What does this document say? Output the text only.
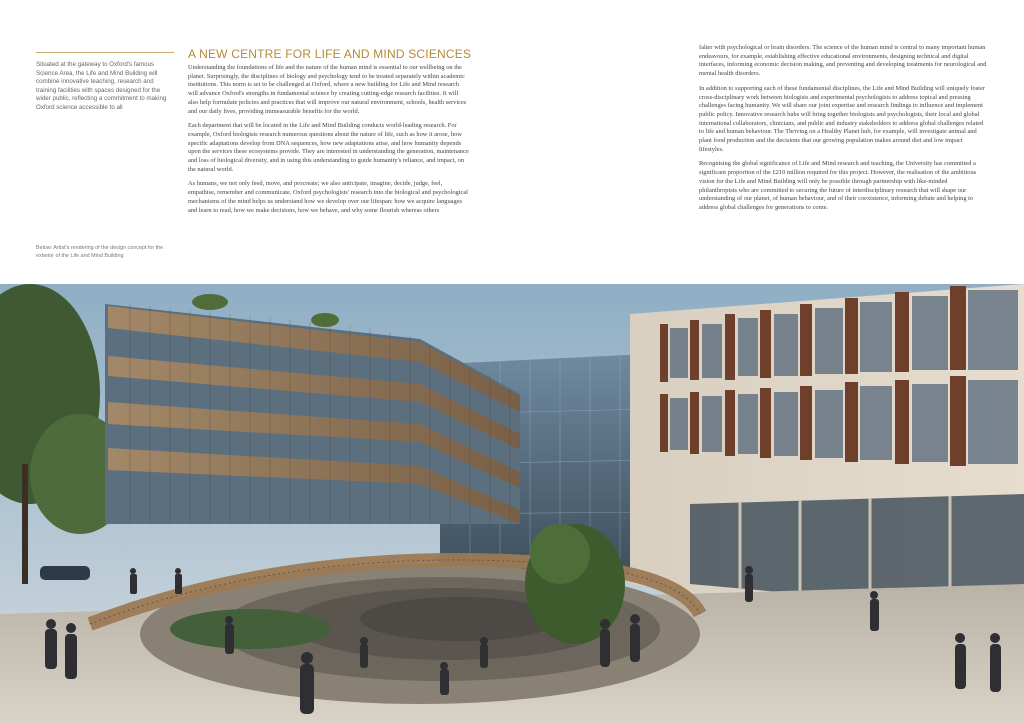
Situated at the gateway to Oxford's famous Science Area, the Life and Mind Building will combine innovative teaching, research and training facilities with spaces designed for the wider public, reflecting a commitment to making Oxford science accessible to all
Below: Artist's rendering of the design concept for the exterior of the Life and Mind Building
A NEW CENTRE FOR LIFE AND MIND SCIENCES

Understanding the foundations of life and the nature of the human mind is essential to our wellbeing on the planet. Surprisingly, the disciplines of biology and psychology tend to be treated separately within academic institutions. This norm is set to be challenged at Oxford, where a new building for Life and Mind research will advance Oxford's strengths in fundamental science by creating cutting-edge research facilities. It will also help formulate policies and practices that will improve our natural environment, schools, health services and our daily lives, providing immeasurable benefits for the world.

Each department that will be located in the Life and Mind Building conducts world-leading research. For example, Oxford biologists research numerous questions about the nature of life, such as how it arose, how specific adaptations develop from DNA sequences, how new adaptations arise, and how humanity depends upon the services these ecosystems provide. They are interested in understanding the generation, maintenance and loss of biological diversity, and in using this understanding to guide humanity's reliance, and impact, on the natural world.

As humans, we not only feed, move, and procreate; we also anticipate, imagine, decide, judge, feel, empathise, remember and communicate. Oxford psychologists' research into the biological and psychological mechanisms of the mind helps us understand how we develop over our lifespan: how we acquire languages and learn to read, how we make decisions, how we behave, and why some flourish whereas others

falter with psychological or brain disorders. The science of the human mind is central to many important human endeavours, for example, establishing effective educational environments, designing technical and digital interfaces, informing economic decision making, and preventing and developing treatments for neurological and mental health disorders.

In addition to supporting each of these fundamental disciplines, the Life and Mind Building will uniquely foster cross-disciplinary work between biologists and experimental psychologists to address topical and pressing challenges facing humanity. We will share our joint expertise and research findings to influence and implement public policy. Innovative research hubs will bring together biologists and psychologists, their local and global international collaborators, clinicians, and public and industry stakeholders to address global challenges related to life and human behaviour. The Thriving on a Healthy Planet hub, for example, will investigate animal and plant food production and the decisions that our growing population makes around diet and low impact lifestyles.

Recognising the global significance of Life and Mind research and teaching, the University has committed a significant proportion of the £210 million required for this project. However, the realisation of the ambitious vision for the Life and Mind Building will only be possible through partnership with like-minded philanthropists who are committed to securing the future of interdisciplinary research that will shape our understanding of our planet, of human behaviour, and of their coexistence, informing debate and helping to address global challenges for generations to come.
